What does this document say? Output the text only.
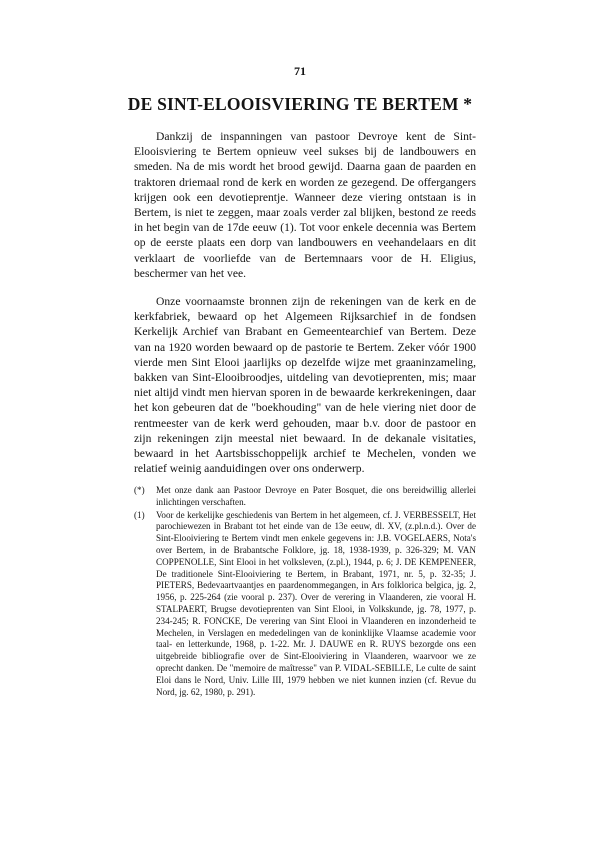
71
DE SINT-ELOOISVIERING TE BERTEM *

Dankzij de inspanningen van pastoor Devroye kent de Sint-Elooisviering te Bertem opnieuw veel sukses bij de landbouwers en smeden. Na de mis wordt het brood gewijd. Daarna gaan de paarden en traktoren driemaal rond de kerk en worden ze gezegend. De offergangers krijgen ook een devotieprentje. Wanneer deze viering ontstaan is in Bertem, is niet te zeggen, maar zoals verder zal blijken, bestond ze reeds in het begin van de 17de eeuw (1). Tot voor enkele decennia was Bertem op de eerste plaats een dorp van landbouwers en veehandelaars en dit verklaart de voorliefde van de Bertemnaars voor de H. Eligius, beschermer van het vee.

Onze voornaamste bronnen zijn de rekeningen van de kerk en de kerkfabriek, bewaard op het Algemeen Rijksarchief in de fondsen Kerkelijk Archief van Brabant en Gemeentearchief van Bertem. Deze van na 1920 worden bewaard op de pastorie te Bertem. Zeker vóór 1900 vierde men Sint Elooi jaarlijks op dezelfde wijze met graaninzameling, bakken van Sint-Elooibroodjes, uitdeling van devotieprenten, mis; maar niet altijd vindt men hiervan sporen in de bewaarde kerkrekeningen, daar het kon gebeuren dat de "boekhouding" van de hele viering niet door de rentmeester van de kerk werd gehouden, maar b.v. door de pastoor en zijn rekeningen zijn meestal niet bewaard. In de dekanale visitaties, bewaard in het Aartsbisschoppelijk archief te Mechelen, vonden we relatief weinig aanduidingen over ons onderwerp.

(*) Met onze dank aan Pastoor Devroye en Pater Bosquet, die ons bereidwillig allerlei inlichtingen verschaften.
(1) Voor de kerkelijke geschiedenis van Bertem in het algemeen, cf. J. VERBESSELT, Het parochiewezen in Brabant tot het einde van de 13e eeuw, dl. XV, (z.pl.n.d.). Over de Sint-Elooiviering te Bertem vindt men enkele gegevens in: J.B. VOGELAERS, Nota's over Bertem, in de Brabantsche Folklore, jg. 18, 1938-1939, p. 326-329; M. VAN COPPENOLLE, Sint Elooi in het volksleven, (z.pl.), 1944, p. 6; J. DE KEMPENEER, De traditionele Sint-Elooiviering te Bertem, in Brabant, 1971, nr. 5, p. 32-35; J. PIETERS, Bedevaartvaantjes en paardenommegangen, in Ars folklorica belgica, jg. 2, 1956, p. 225-264 (zie vooral p. 237). Over de verering in Vlaanderen, zie vooral H. STALPAERT, Brugse devotieprenten van Sint Elooi, in Volkskunde, jg. 78, 1977, p. 234-245; R. FONCKE, De verering van Sint Elooi in Vlaanderen en inzonderheid te Mechelen, in Verslagen en mededelingen van de koninklijke Vlaamse academie voor taal- en letterkunde, 1968, p. 1-22. Mr. J. DAUWE en R. RUYS bezorgde ons een uitgebreide bibliografie over de Sint-Elooiviering in Vlaanderen, waarvoor we ze oprecht danken. De "memoire de maîtresse" van P. VIDAL-SEBILLE, Le culte de saint Eloi dans le Nord, Univ. Lille III, 1979 hebben we niet kunnen inzien (cf. Revue du Nord, jg. 62, 1980, p. 291).
